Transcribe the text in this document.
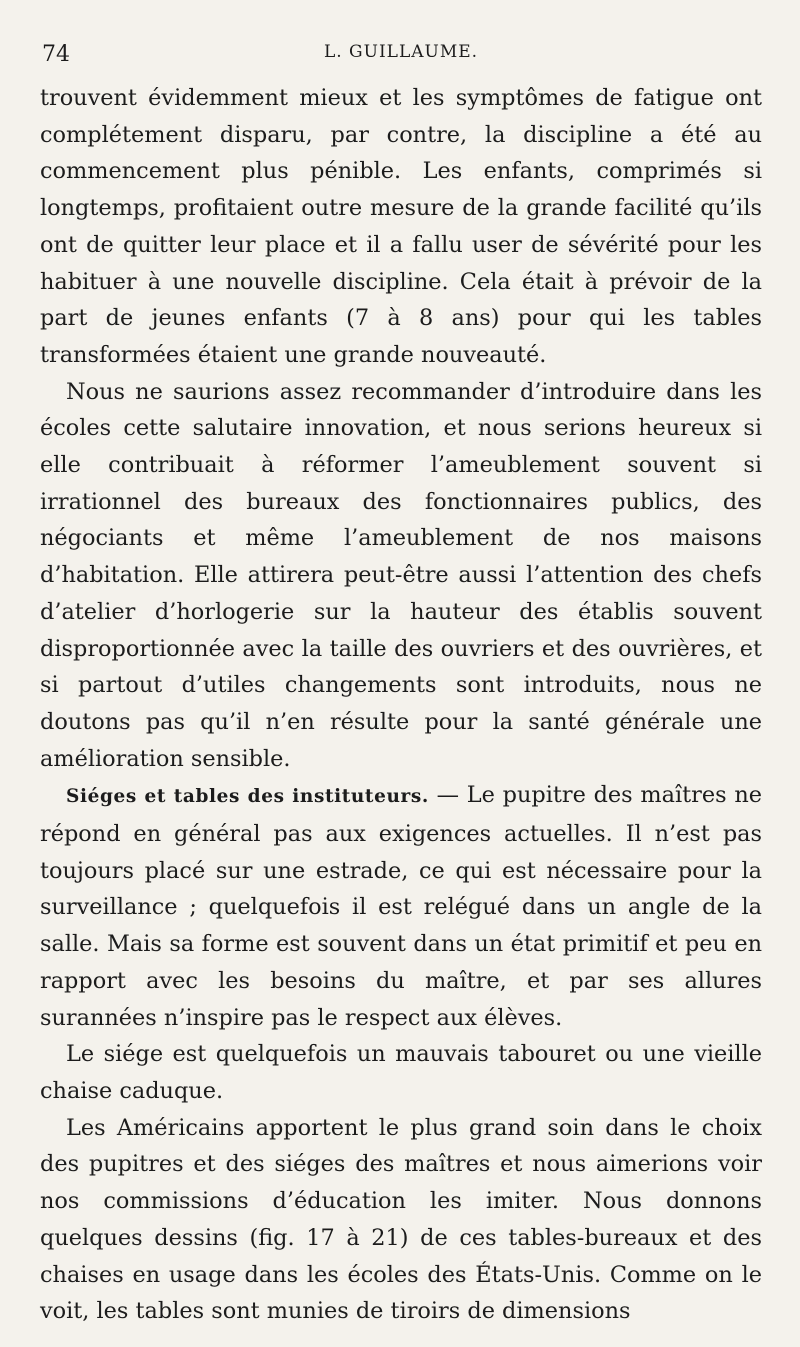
74	L. GUILLAUME.

trouvent évidemment mieux et les symptômes de fatigue ont complétement disparu, par contre, la discipline a été au commencement plus pénible. Les enfants, comprimés si longtemps, profitaient outre mesure de la grande facilité qu’ils ont de quitter leur place et il a fallu user de sévérité pour les habituer à une nouvelle discipline. Cela était à prévoir de la part de jeunes enfants (7 à 8 ans) pour qui les tables transformées étaient une grande nouveauté.

Nous ne saurions assez recommander d’introduire dans les écoles cette salutaire innovation, et nous serions heureux si elle contribuait à réformer l’ameublement souvent si irrationnel des bureaux des fonctionnaires publics, des négociants et même l’ameublement de nos maisons d’habitation. Elle attirera peut-être aussi l’attention des chefs d’atelier d’horlogerie sur la hauteur des établis souvent disproportionnée avec la taille des ouvriers et des ouvrières, et si partout d’utiles changements sont introduits, nous ne doutons pas qu’il n’en résulte pour la santé générale une amélioration sensible.

Siéges et tables des instituteurs. — Le pupitre des maîtres ne répond en général pas aux exigences actuelles. Il n’est pas toujours placé sur une estrade, ce qui est nécessaire pour la surveillance ; quelquefois il est relégué dans un angle de la salle. Mais sa forme est souvent dans un état primitif et peu en rapport avec les besoins du maître, et par ses allures surannées n’inspire pas le respect aux élèves.

Le siége est quelquefois un mauvais tabouret ou une vieille chaise caduque.

Les Américains apportent le plus grand soin dans le choix des pupitres et des siéges des maîtres et nous aimerions voir nos commissions d’éducation les imiter. Nous donnons quelques dessins (fig. 17 à 21) de ces tables-bureaux et des chaises en usage dans les écoles des États-Unis. Comme on le voit, les tables sont munies de tiroirs de dimensions
